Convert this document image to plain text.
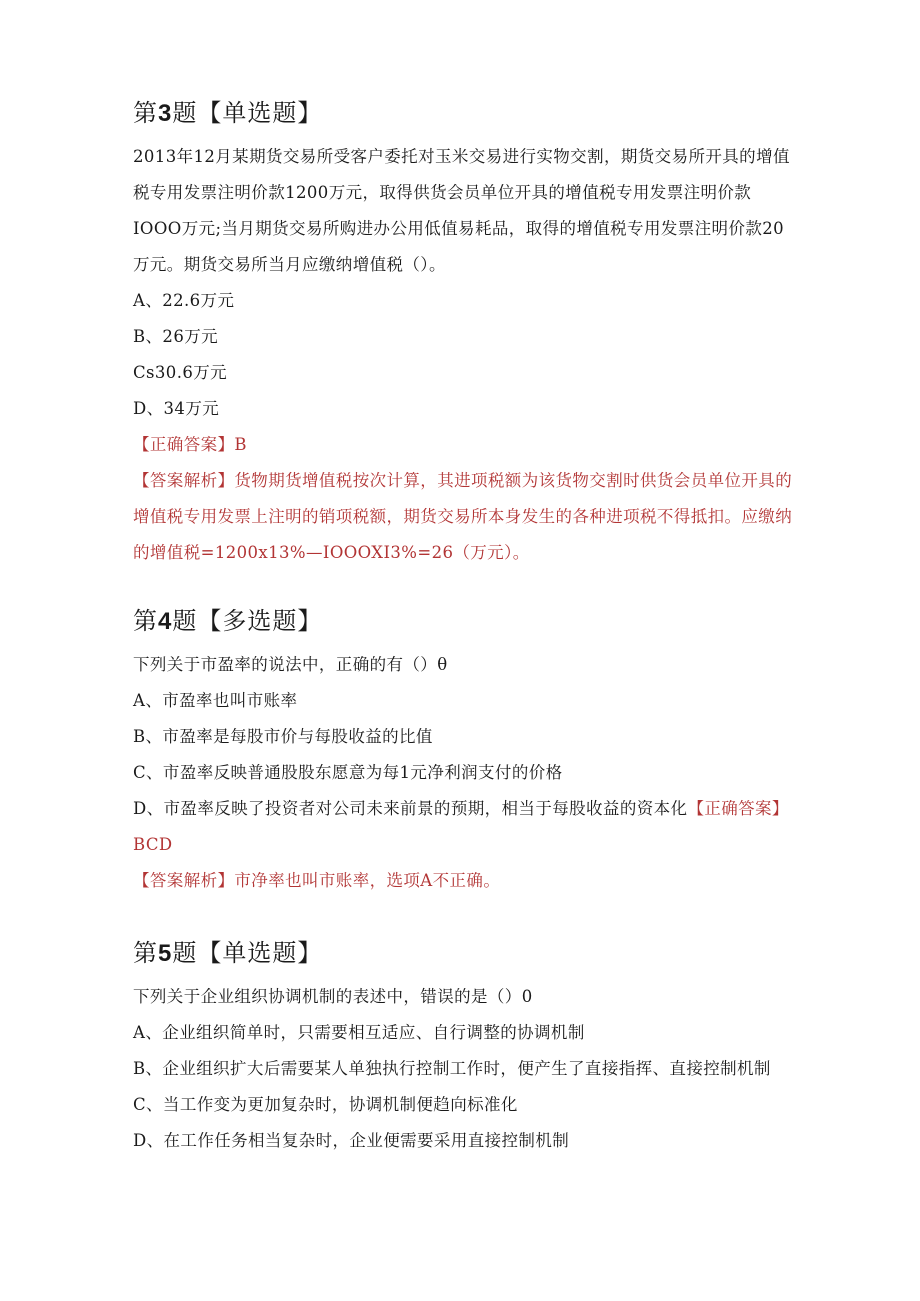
第3题【单选题】

2013年12月某期货交易所受客户委托对玉米交易进行实物交割，期货交易所开具的增值税专用发票注明价款1200万元，取得供货会员单位开具的增值税专用发票注明价款IOOO万元;当月期货交易所购进办公用低值易耗品，取得的增值税专用发票注明价款20万元。期货交易所当月应缴纳增值税（）。

A、22.6万元

B、26万元

Cs30.6万元

D、34万元

【正确答案】B

【答案解析】货物期货增值税按次计算，其进项税额为该货物交割时供货会员单位开具的增值税专用发票上注明的销项税额，期货交易所本身发生的各种进项税不得抵扣。应缴纳的增值税=1200x13%—IOOOXI3%=26（万元）。

第4题【多选题】

下列关于市盈率的说法中，正确的有（）θ

A、市盈率也叫市账率

B、市盈率是每股市价与每股收益的比值

C、市盈率反映普通股股东愿意为每1元净利润支付的价格

D、市盈率反映了投资者对公司未来前景的预期，相当于每股收益的资本化【正确答案】BCD

【答案解析】市净率也叫市账率，选项A不正确。

第5题【单选题】

下列关于企业组织协调机制的表述中，错误的是（）0

A、企业组织简单时，只需要相互适应、自行调整的协调机制

B、企业组织扩大后需要某人单独执行控制工作时，便产生了直接指挥、直接控制机制

C、当工作变为更加复杂时，协调机制便趋向标准化

D、在工作任务相当复杂时，企业便需要采用直接控制机制
